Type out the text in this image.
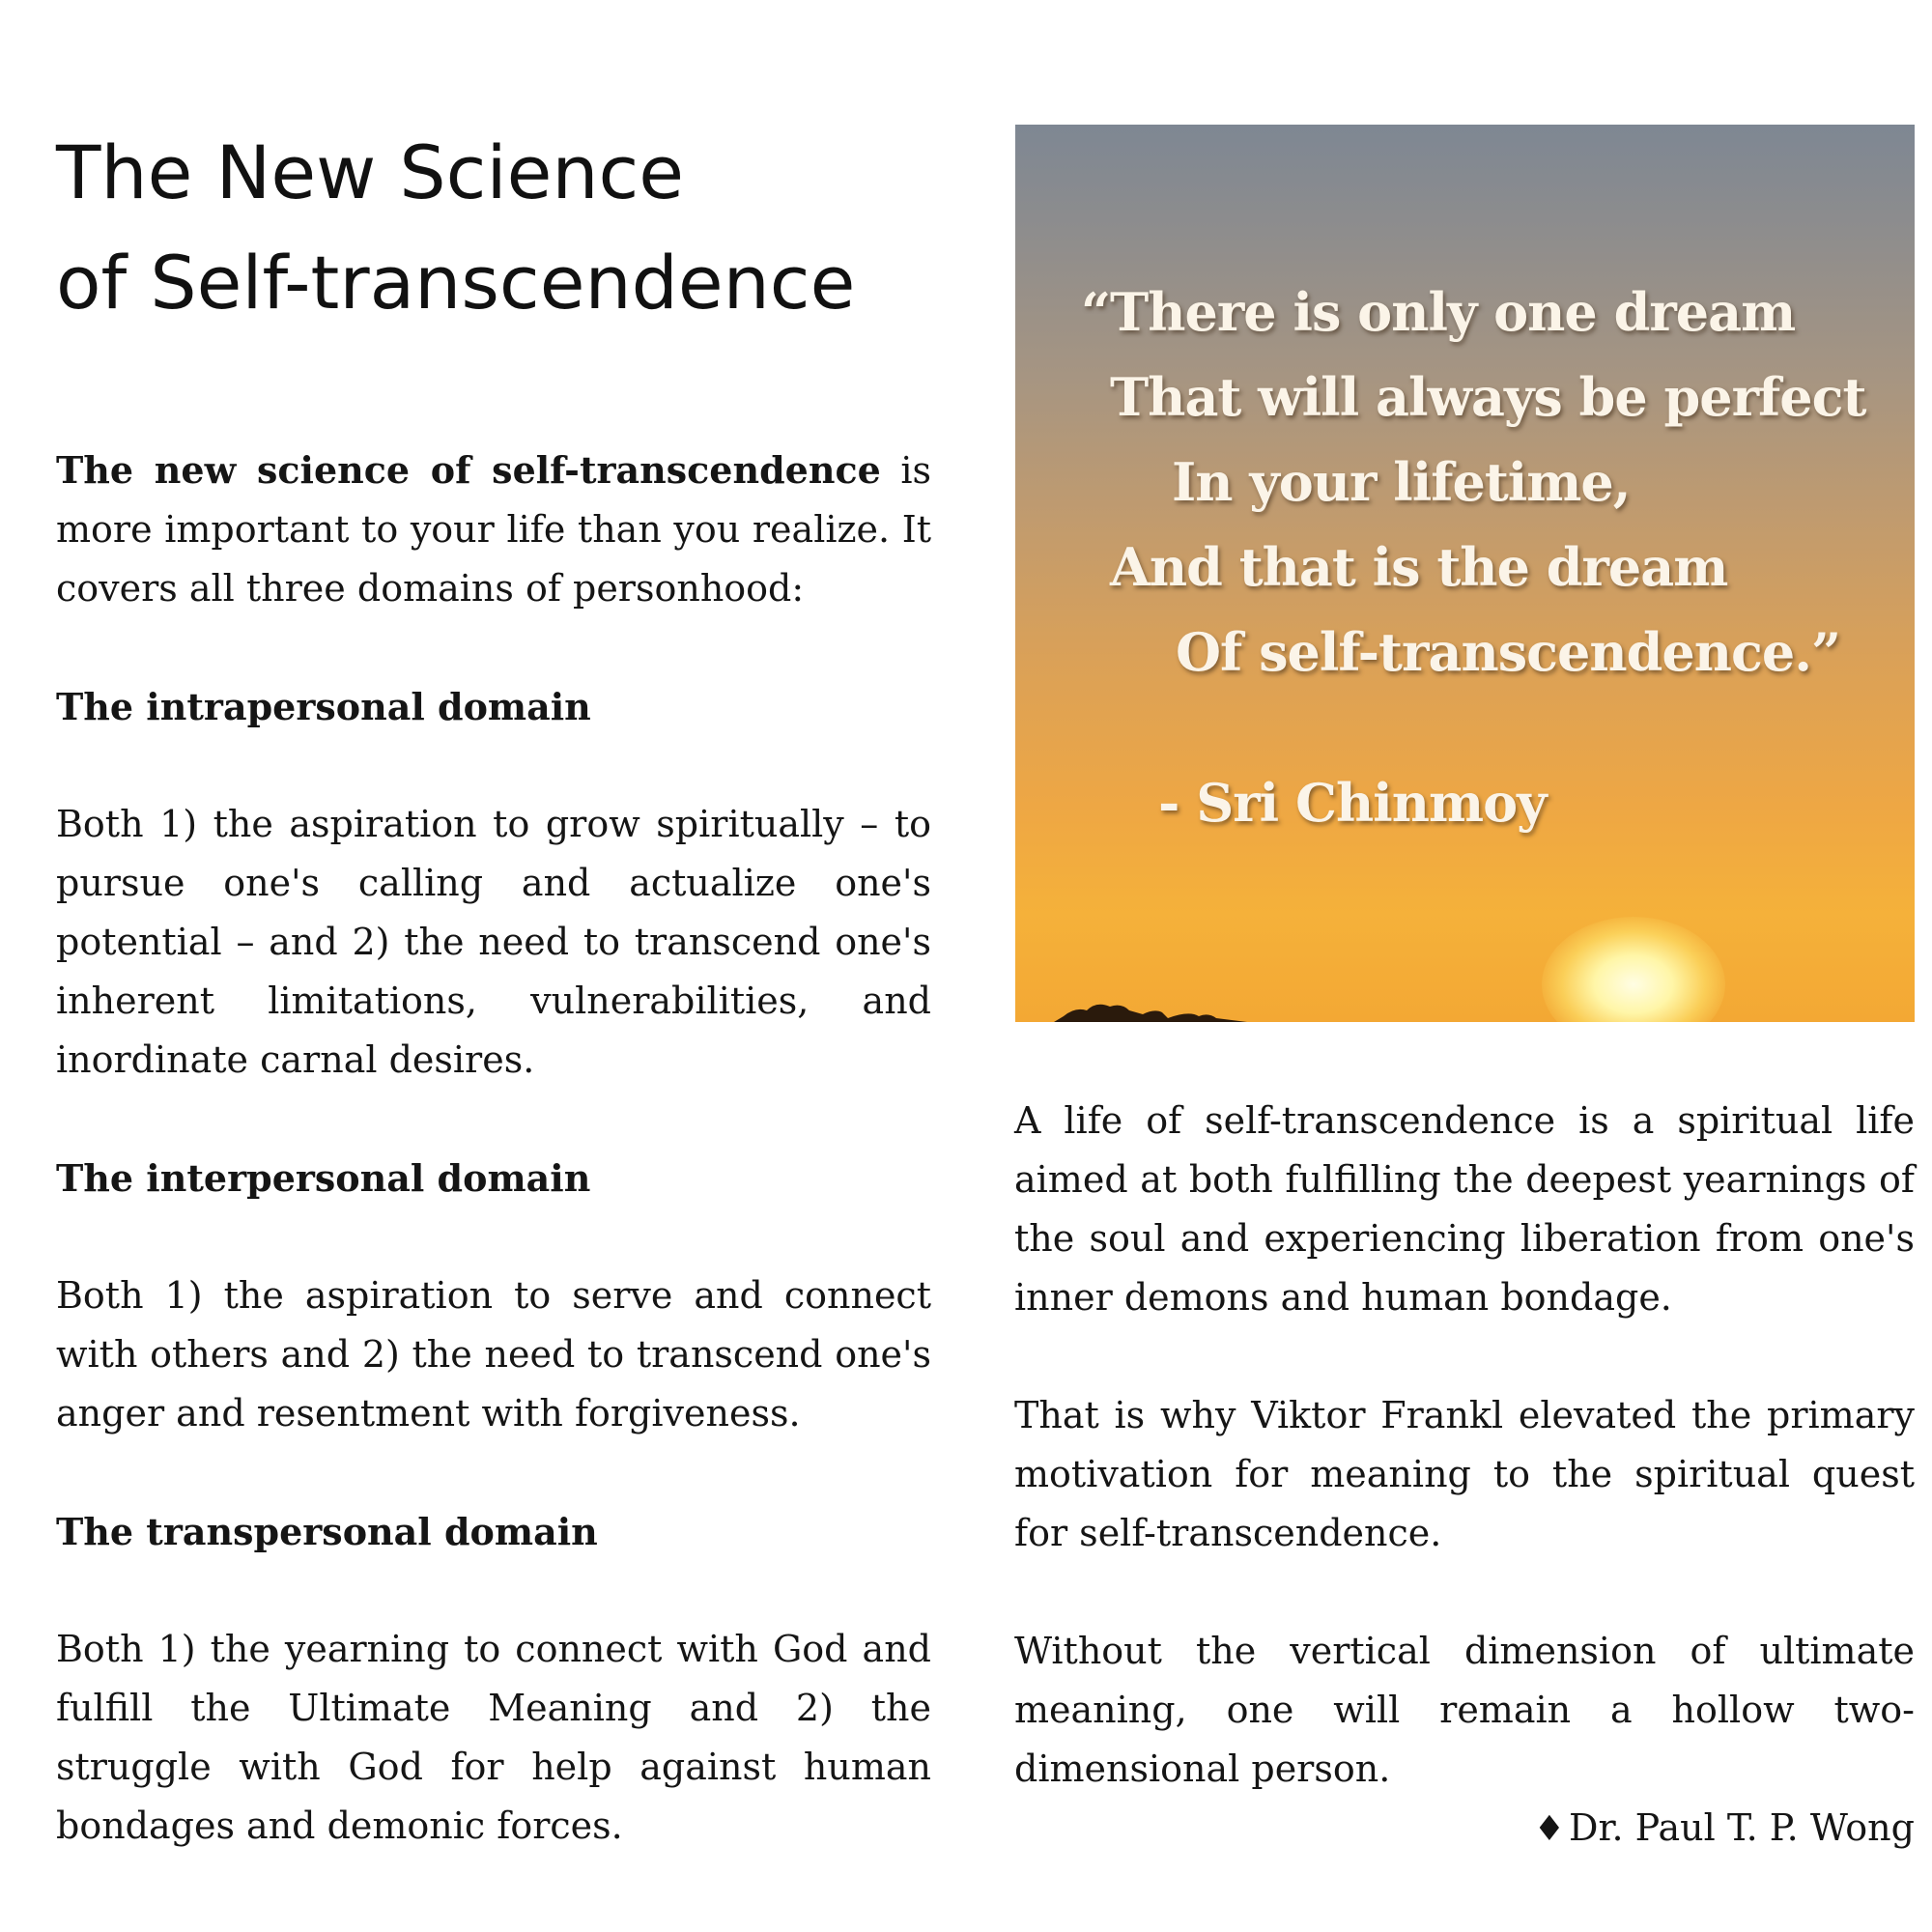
The New Science
of Self-transcendence

The new science of self-transcendence is more important to your life than you realize. It covers all three domains of personhood:

The intrapersonal domain

Both 1) the aspiration to grow spiritually – to pursue one's calling and actualize one's potential – and 2) the need to transcend one's inherent limitations, vulnerabilities, and inordinate carnal desires.

The interpersonal domain

Both 1) the aspiration to serve and connect with others and 2) the need to transcend one's anger and resentment with forgiveness.

The transpersonal domain

Both 1) the yearning to connect with God and fulfill the Ultimate Meaning and 2) the struggle with God for help against human bondages and demonic forces.

“There is only one dream
That will always be perfect
In your lifetime,
And that is the dream
Of self-transcendence.”
- Sri Chinmoy

A life of self-transcendence is a spiritual life aimed at both fulfilling the deepest yearnings of the soul and experiencing liberation from one's inner demons and human bondage.

That is why Viktor Frankl elevated the primary motivation for meaning to the spiritual quest for self-transcendence.

Without the vertical dimension of ultimate meaning, one will remain a hollow two-dimensional person.

♦ Dr. Paul T. P. Wong
